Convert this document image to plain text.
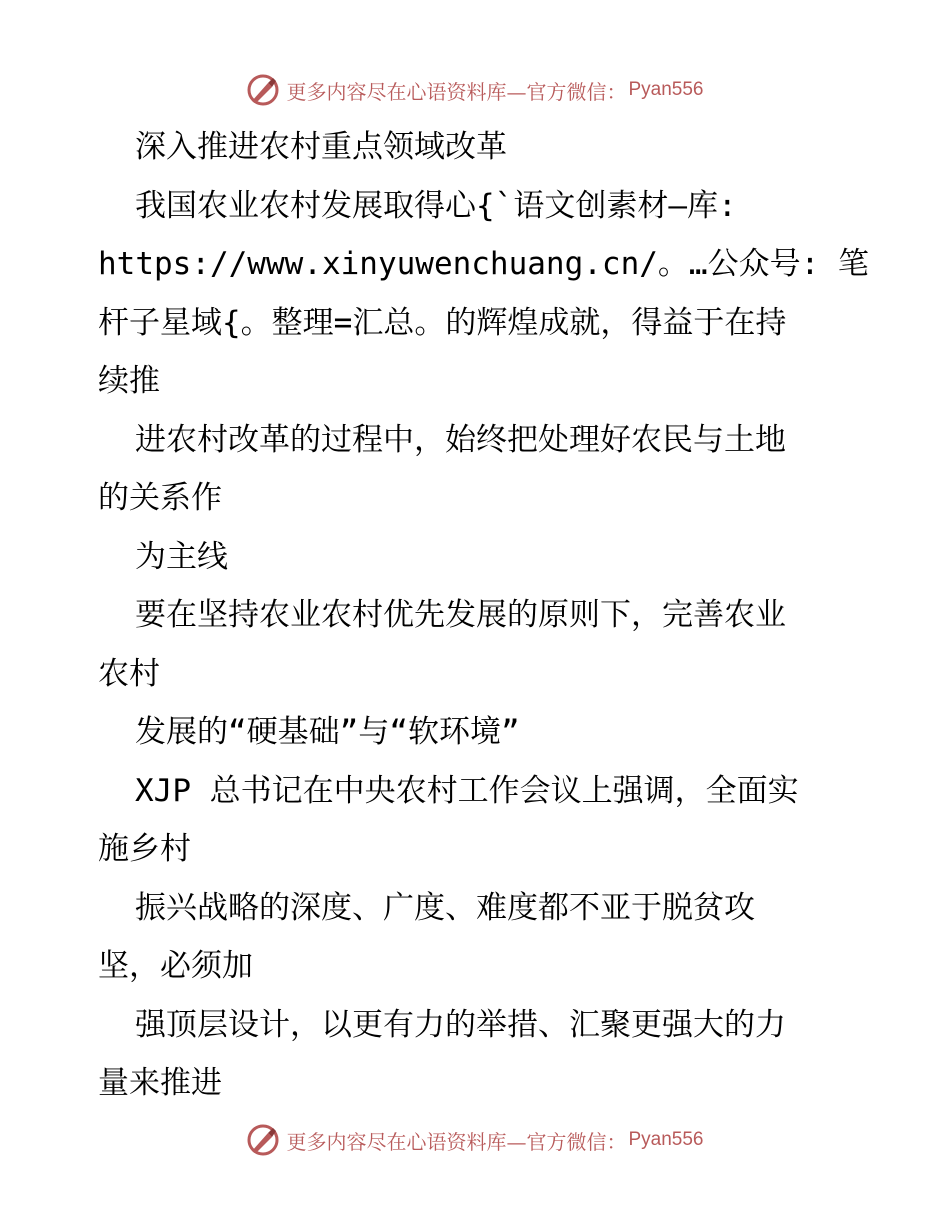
更多内容尽在心语资料库—官方微信： Pyan556
深入推进农村重点领域改革
我国农业农村发展取得心{`语文创素材—库:
https://www.xinyuwenchuang.cn/。…公众号: 笔
杆子星域{。整理=汇总。的辉煌成就，得益于在持
续推
进农村改革的过程中，始终把处理好农民与土地
的关系作
为主线
要在坚持农业农村优先发展的原则下，完善农业
农村
发展的“硬基础”与“软环境”
XJP 总书记在中央农村工作会议上强调，全面实
施乡村
振兴战略的深度、广度、难度都不亚于脱贫攻
坚，必须加
强顶层设计，以更有力的举措、汇聚更强大的力
量来推进
更多内容尽在心语资料库—官方微信： Pyan556
